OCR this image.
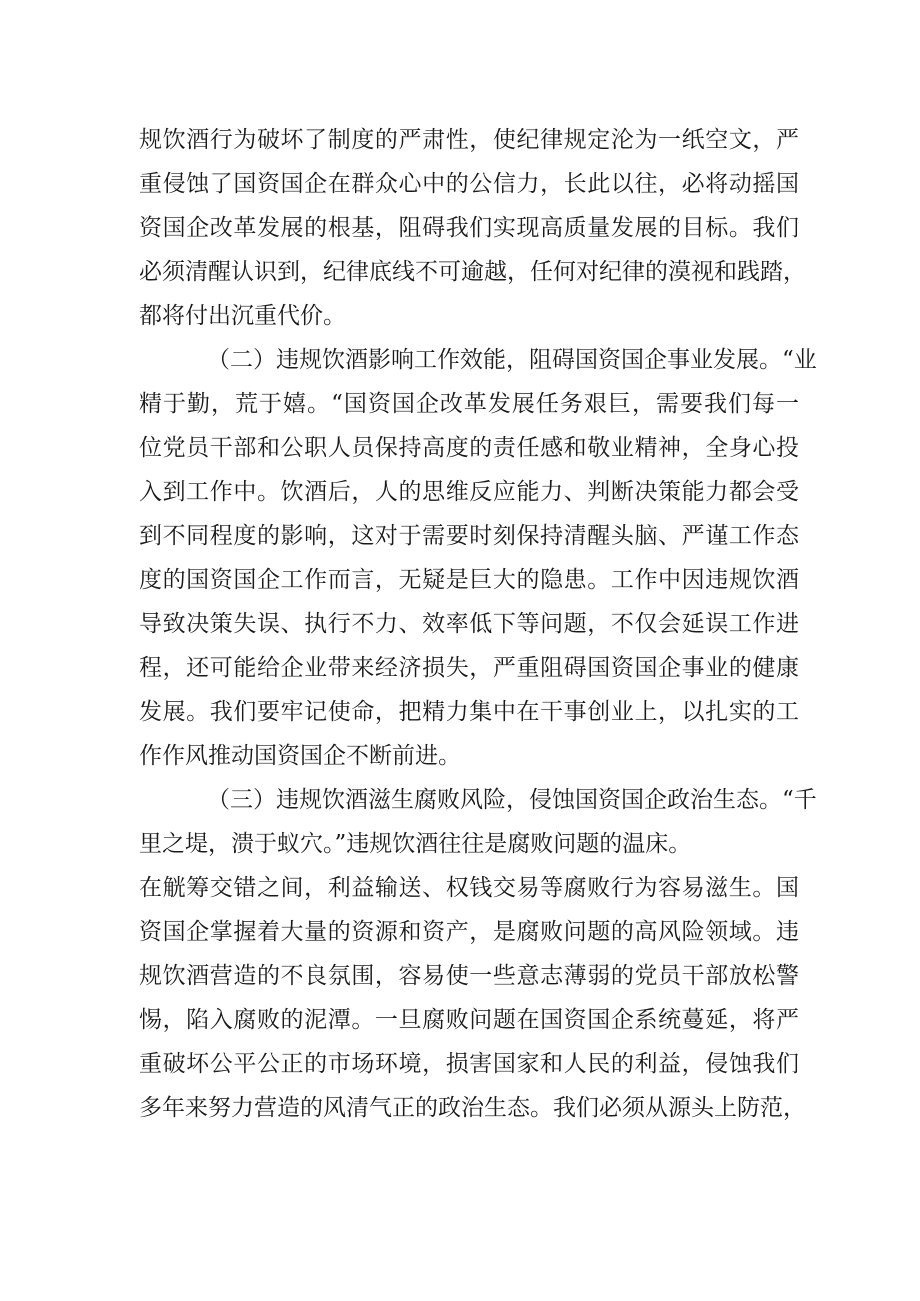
规饮酒行为破坏了制度的严肃性，使纪律规定沦为一纸空文，严
重侵蚀了国资国企在群众心中的公信力，长此以往，必将动摇国
资国企改革发展的根基，阻碍我们实现高质量发展的目标。我们
必须清醒认识到，纪律底线不可逾越，任何对纪律的漠视和践踏，
都将付出沉重代价。
（二）违规饮酒影响工作效能，阻碍国资国企事业发展。“业
精于勤，荒于嬉。“国资国企改革发展任务艰巨，需要我们每一
位党员干部和公职人员保持高度的责任感和敬业精神，全身心投
入到工作中。饮酒后，人的思维反应能力、判断决策能力都会受
到不同程度的影响，这对于需要时刻保持清醒头脑、严谨工作态
度的国资国企工作而言，无疑是巨大的隐患。工作中因违规饮酒
导致决策失误、执行不力、效率低下等问题，不仅会延误工作进
程，还可能给企业带来经济损失，严重阻碍国资国企事业的健康
发展。我们要牢记使命，把精力集中在干事创业上，以扎实的工
作作风推动国资国企不断前进。
（三）违规饮酒滋生腐败风险，侵蚀国资国企政治生态。“千
里之堤，溃于蚁穴。”违规饮酒往往是腐败问题的温床。
在觥筹交错之间，利益输送、权钱交易等腐败行为容易滋生。国
资国企掌握着大量的资源和资产，是腐败问题的高风险领域。违
规饮酒营造的不良氛围，容易使一些意志薄弱的党员干部放松警
惕，陷入腐败的泥潭。一旦腐败问题在国资国企系统蔓延，将严
重破坏公平公正的市场环境，损害国家和人民的利益，侵蚀我们
多年来努力营造的风清气正的政治生态。我们必须从源头上防范，
